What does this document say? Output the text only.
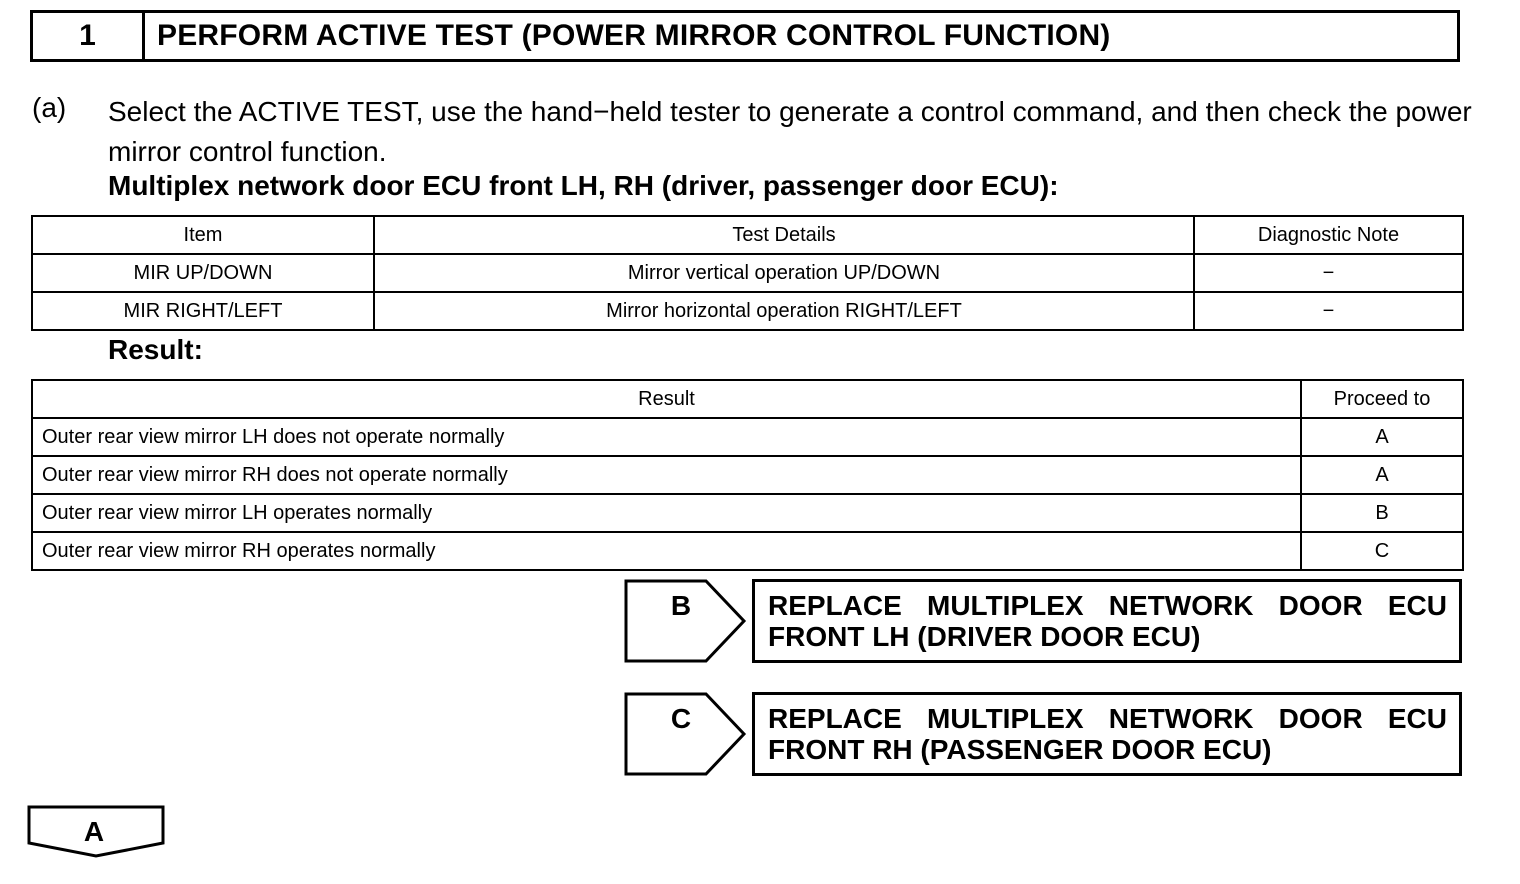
1	PERFORM ACTIVE TEST (POWER MIRROR CONTROL FUNCTION)
(a) Select the ACTIVE TEST, use the hand−held tester to generate a control command, and then check the power mirror control function.
Multiplex network door ECU front LH, RH (driver, passenger door ECU):
Item	Test Details	Diagnostic Note
MIR UP/DOWN	Mirror vertical operation UP/DOWN	−
MIR RIGHT/LEFT	Mirror horizontal operation RIGHT/LEFT	−
Result:
Result	Proceed to
Outer rear view mirror LH does not operate normally	A
Outer rear view mirror RH does not operate normally	A
Outer rear view mirror LH operates normally	B
Outer rear view mirror RH operates normally	C
B	REPLACE MULTIPLEX NETWORK DOOR ECU
FRONT LH (DRIVER DOOR ECU)
C	REPLACE MULTIPLEX NETWORK DOOR ECU
FRONT RH (PASSENGER DOOR ECU)
A
